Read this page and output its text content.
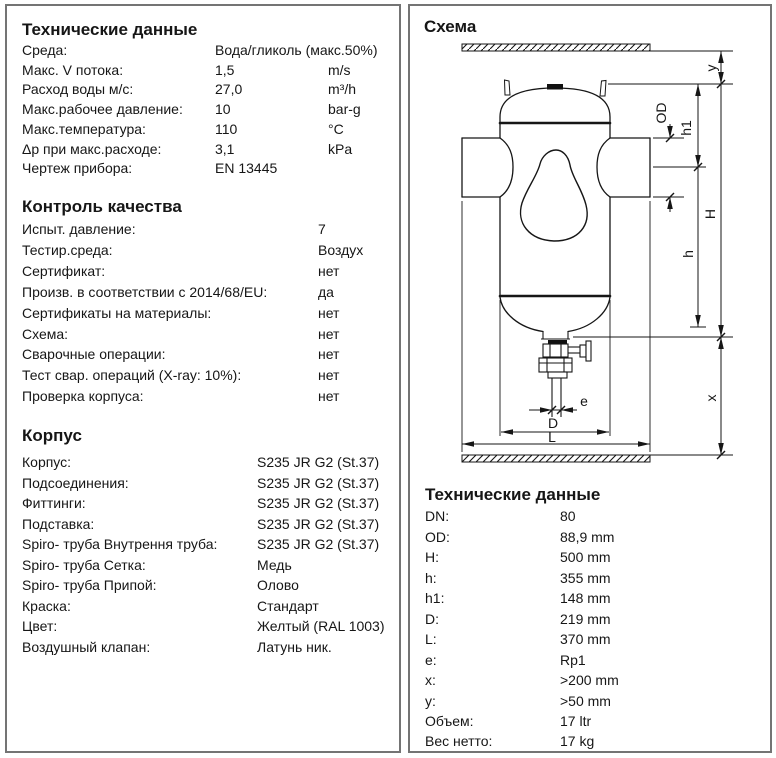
Технические данные
Среда:	Вода/гликоль (макс.50%)
Макс. V потока:	1,5	m/s
Расход воды м/с:	27,0	m³/h
Макс.рабочее давление: 10	bar-g
Макс.температура:	110	°C
Δр при макс.расходе:	3,1	kPa
Чертеж прибора:	EN 13445
Контроль качества
Испыт. давление:	7
Тестир.среда:	Воздух
Сертификат:	нет
Произв. в соответствии с 2014/68/EU:	да
Сертификаты на материалы:	нет
Схема:	нет
Сварочные операции:	нет
Тест свар. операций (X-ray: 10%):	нет
Проверка корпуса:	нет
Корпус
Корпус:	S235 JR G2 (St.37)
Подсоединения:	S235 JR G2 (St.37)
Фиттинги:	S235 JR G2 (St.37)
Подставка:	S235 JR G2 (St.37)
Spiro- труба Внутрення труба:	S235 JR G2 (St.37)
Spiro- труба Сетка:	Медь
Spiro- труба Припой:	Олово
Краска:	Стандарт
Цвет:	Желтый (RAL 1003)
Воздушный клапан:	Латунь ник.
Схема
Технические данные
DN:	80
OD:	88,9 mm
H:	500 mm
h:	355 mm
h1:	148 mm
D:	219 mm
L:	370 mm
e:	Rp1
x:	>200 mm
y:	>50 mm
Объем:	17 ltr
Вес нетто:	17 kg
y
OD
h1
H
h
x
e
D
L
